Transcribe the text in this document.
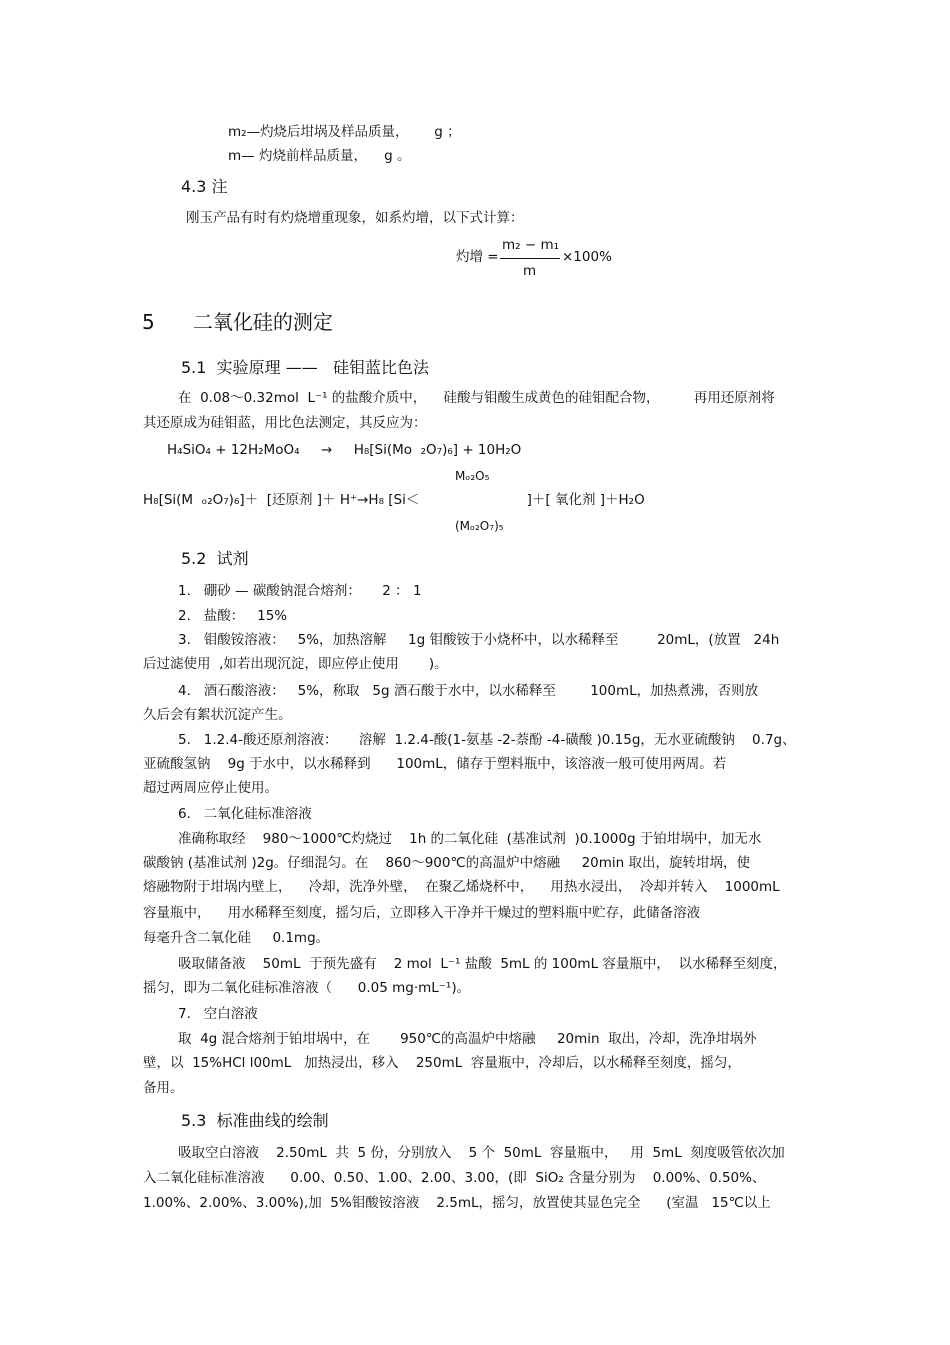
m₂—灼烧后坩埚及样品质量，      g ；
m— 灼烧前样品质量，    g 。
4.3 注
刚玉产品有时有灼烧增重现象，如系灼增，以下式计算：
灼增 =
m₂ − m₁
m
×100%
5      二氧化硅的测定
5.1  实验原理 ——   硅钼蓝比色法
在  0.08～0.32mol  L⁻¹ 的盐酸介质中，    硅酸与钼酸生成黄色的硅钼配合物，        再用还原剂将
其还原成为硅钼蓝，用比色法测定，其反应为：
H₄SiO₄ + 12H₂MoO₄     →     H₈[Si(Mo  ₂O₇)₆] + 10H₂O
Mₒ₂O₅
H₈[Si(M  ₒ₂O₇)₆]＋  [还原剂 ]＋ H⁺→H₈ [Si＜                         ]＋[ 氧化剂 ]＋H₂O
(Mₒ₂O₇)₅
5.2  试剂
1.   硼砂 — 碳酸钠混合熔剂：     2 ： 1
2.   盐酸：   15%
3.   钼酸铵溶液：   5%，加热溶解     1g 钼酸铵于小烧杯中，以水稀释至         20mL，(放置   24h
后过滤使用  ,如若出现沉淀，即应停止使用       )。
4.   酒石酸溶液：   5%，称取   5g 酒石酸于水中，以水稀释至        100mL，加热煮沸，否则放
久后会有絮状沉淀产生。
5.   1.2.4-酸还原剂溶液：     溶解  1.2.4-酸(1-氨基 -2-萘酚 -4-磺酸 )0.15g，无水亚硫酸钠    0.7g、
亚硫酸氢钠    9g 于水中，以水稀释到      100mL，储存于塑料瓶中，该溶液一般可使用两周。若
超过两周应停止使用。
6.   二氧化硅标准溶液
准确称取经    980～1000℃灼烧过    1h 的二氧化硅  (基准试剂  )0.1000g 于铂坩埚中，加无水
碳酸钠 (基准试剂 )2g。仔细混匀。在    860～900℃的高温炉中熔融     20min 取出，旋转坩埚，使
熔融物附于坩埚内壁上，    冷却，洗净外壁，  在聚乙烯烧杯中，    用热水浸出，  冷却并转入    1000mL
容量瓶中，    用水稀释至刻度，摇匀后，立即移入干净并干燥过的塑料瓶中贮存，此储备溶液
每毫升含二氧化硅     0.1mg。
吸取储备液    50mL  于预先盛有    2 mol  L⁻¹ 盐酸  5mL 的 100mL 容量瓶中，  以水稀释至刻度，
摇匀，即为二氧化硅标准溶液（      0.05 mg·mL⁻¹)。
7.   空白溶液
取  4g 混合熔剂于铂坩埚中，在       950℃的高温炉中熔融     20min  取出，冷却，洗净坩埚外
壁，以  15%HCl l00mL   加热浸出，移入    250mL  容量瓶中，冷却后，以水稀释至刻度，摇匀，
备用。
5.3  标准曲线的绘制
吸取空白溶液    2.50mL  共  5 份，分别放入    5 个  50mL  容量瓶中，   用  5mL  刻度吸管依次加
入二氧化硅标准溶液      0.00、0.50、1.00、2.00、3.00，(即  SiO₂ 含量分别为    0.00%、0.50%、
1.00%、2.00%、3.00%),加  5%钼酸铵溶液    2.5mL，摇匀，放置使其显色完全      (室温   15℃以上
